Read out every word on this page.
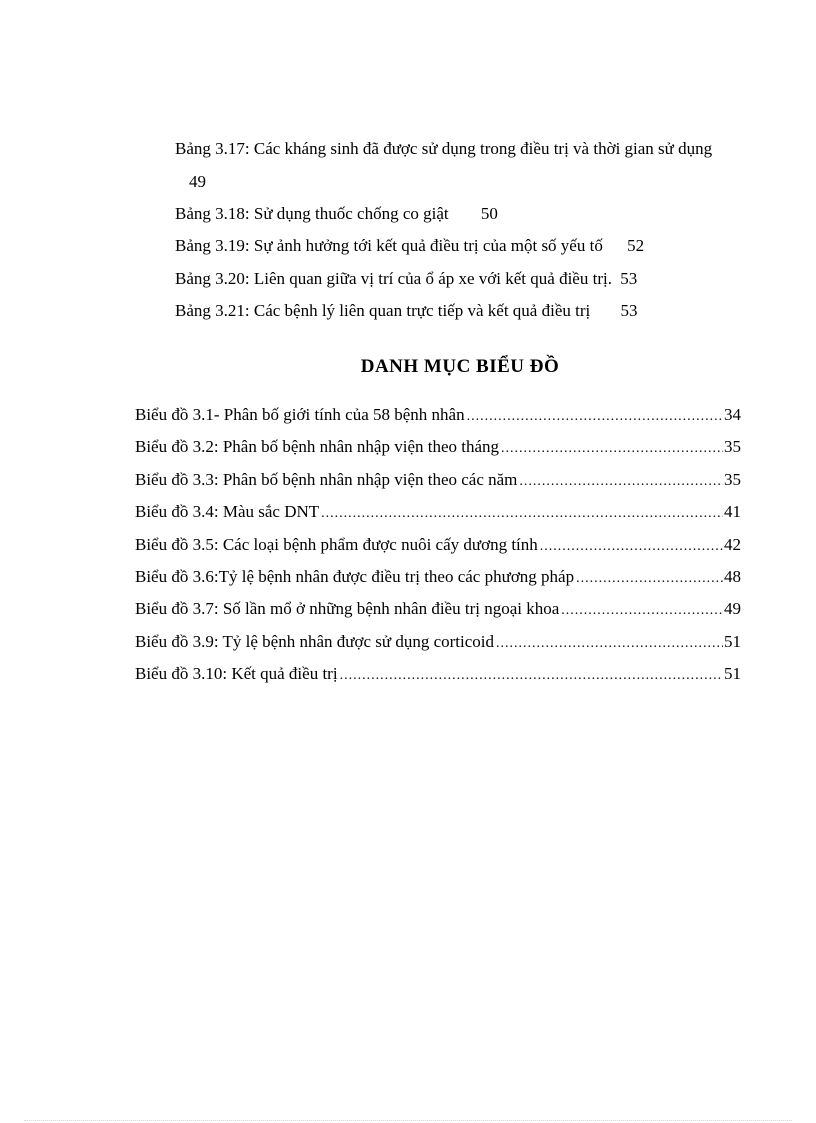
Bảng 3.17: Các kháng sinh đã được sử dụng trong điều trị và thời gian sử dụng
49
Bảng 3.18: Sử dụng thuốc chống co giật 50
Bảng 3.19: Sự ảnh hưởng tới kết quả điều trị của một số yếu tố 52
Bảng 3.20: Liên quan giữa vị trí của ổ áp xe với kết quả điều trị. 53
Bảng 3.21: Các bệnh lý liên quan trực tiếp và kết quả điều trị 53
DANH MỤC BIỂU ĐỒ
Biểu đồ 3.1- Phân bố giới tính của 58 bệnh nhân .....	34
Biểu đồ 3.2: Phân bố bệnh nhân nhập viện theo tháng .....	35
Biểu đồ 3.3: Phân bố bệnh nhân nhập viện theo các năm .....	35
Biểu đồ 3.4: Màu sắc DNT .....	41
Biểu đồ 3.5: Các loại bệnh phẩm được nuôi cấy dương tính .....	42
Biểu đồ 3.6:Tỷ lệ bệnh nhân được điều trị theo các phương pháp .....	48
Biểu đồ 3.7: Số lần mổ ở những bệnh nhân điều trị ngoại khoa .....	49
Biểu đồ 3.9: Tỷ lệ bệnh nhân được sử dụng corticoid .....	51
Biểu đồ 3.10: Kết quả điều trị .....	51
